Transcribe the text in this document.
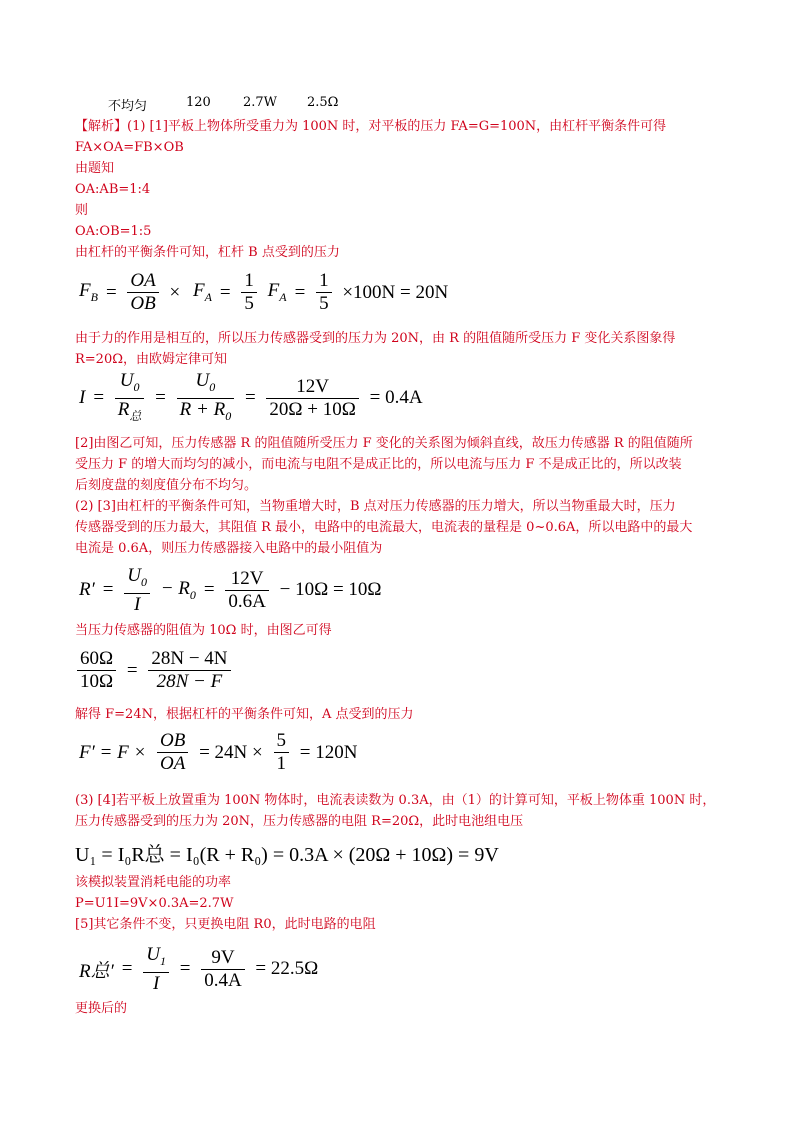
不均匀	120 2.7W 2.5Ω
【解析】(1) [1]平板上物体所受重力为 100N 时，对平板的压力 FA=G=100N，由杠杆平衡条件可得
FA×OA=FB×OB
由题知
OA:AB=1:4
则
OA:OB=1:5
由杠杆的平衡条件可知，杠杆 B 点受到的压力
$F_B = \frac{OA}{OB} \times F_A = \frac{1}{5} F_A = \frac{1}{5} \times 100N = 20N$
由于力的作用是相互的，所以压力传感器受到的压力为 20N，由 R 的阻值随所受压力 F 变化关系图象得
R=20Ω，由欧姆定律可知
$I = \frac{U_0}{R_总} = \frac{U_0}{R + R_0} = \frac{12V}{20\Omega + 10\Omega} = 0.4A$
[2]由图乙可知，压力传感器 R 的阻值随所受压力 F 变化的关系图为倾斜直线，故压力传感器 R 的阻值随所
受压力 F 的增大而均匀的减小，而电流与电阻不是成正比的，所以电流与压力 F 不是成正比的，所以改装
后刻度盘的刻度值分布不均匀。
(2) [3]由杠杆的平衡条件可知，当物重增大时，B 点对压力传感器的压力增大，所以当物重最大时，压力
传感器受到的压力最大，其阻值 R 最小，电路中的电流最大，电流表的量程是 0~0.6A，所以电路中的最大
电流是 0.6A，则压力传感器接入电路中的最小阻值为
$R' = \frac{U_0}{I} - R_0 = \frac{12V}{0.6A} - 10\Omega = 10\Omega$
当压力传感器的阻值为 10Ω 时，由图乙可得
$\frac{60\Omega}{10\Omega} = \frac{28N - 4N}{28N - F}$
解得 F=24N，根据杠杆的平衡条件可知，A 点受到的压力
$F' = F \times \frac{OB}{OA} = 24N \times \frac{5}{1} = 120N$
(3) [4]若平板上放置重为 100N 物体时，电流表读数为 0.3A，由（1）的计算可知，平板上物体重 100N 时，
压力传感器受到的压力为 20N，压力传感器的电阻 R=20Ω，此时电池组电压
U₁ = I₀R总 = I₀(R + R₀) = 0.3A × (20Ω + 10Ω) = 9V
该模拟装置消耗电能的功率
P=U1I=9V×0.3A=2.7W
[5]其它条件不变，只更换电阻 R0，此时电路的电阻
R总′ = $\frac{U_1}{I} = \frac{9V}{0.4A} = 22.5\Omega$
更换后的
